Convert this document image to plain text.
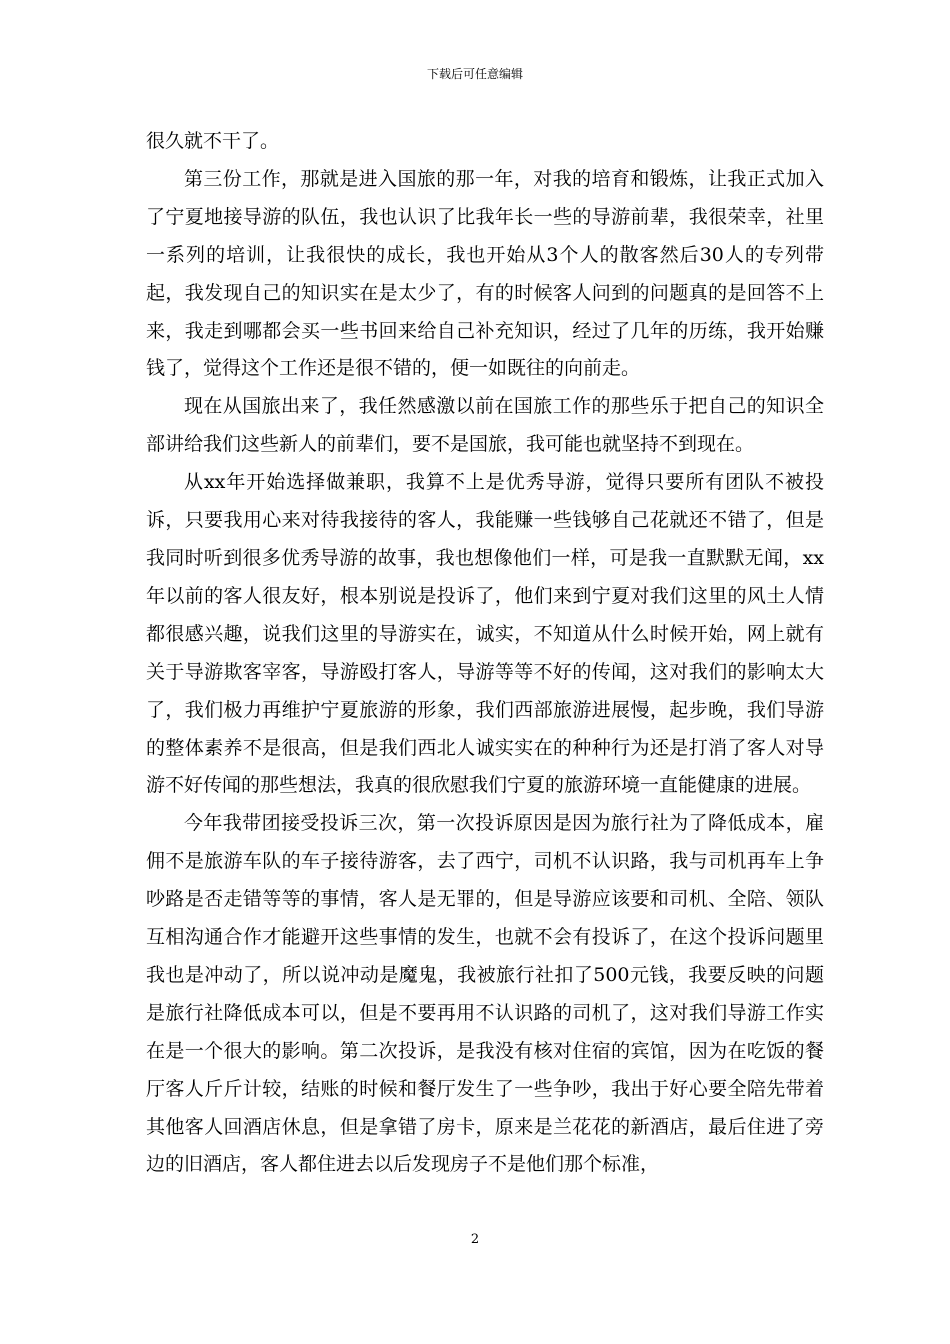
下载后可任意编辑

很久就不干了。

第三份工作，那就是进入国旅的那一年，对我的培育和锻炼，让我正式加入了宁夏地接导游的队伍，我也认识了比我年长一些的导游前辈，我很荣幸，社里一系列的培训，让我很快的成长，我也开始从3个人的散客然后30人的专列带起，我发现自己的知识实在是太少了，有的时候客人问到的问题真的是回答不上来，我走到哪都会买一些书回来给自己补充知识，经过了几年的历练，我开始赚钱了，觉得这个工作还是很不错的，便一如既往的向前走。

现在从国旅出来了，我任然感激以前在国旅工作的那些乐于把自己的知识全部讲给我们这些新人的前辈们，要不是国旅，我可能也就坚持不到现在。

从xx年开始选择做兼职，我算不上是优秀导游，觉得只要所有团队不被投诉，只要我用心来对待我接待的客人，我能赚一些钱够自己花就还不错了，但是我同时听到很多优秀导游的故事，我也想像他们一样，可是我一直默默无闻，xx年以前的客人很友好，根本别说是投诉了，他们来到宁夏对我们这里的风土人情都很感兴趣，说我们这里的导游实在，诚实，不知道从什么时候开始，网上就有关于导游欺客宰客，导游殴打客人，导游等等不好的传闻，这对我们的影响太大了，我们极力再维护宁夏旅游的形象，我们西部旅游进展慢，起步晚，我们导游的整体素养不是很高，但是我们西北人诚实实在的种种行为还是打消了客人对导游不好传闻的那些想法，我真的很欣慰我们宁夏的旅游环境一直能健康的进展。

今年我带团接受投诉三次，第一次投诉原因是因为旅行社为了降低成本，雇佣不是旅游车队的车子接待游客，去了西宁，司机不认识路，我与司机再车上争吵路是否走错等等的事情，客人是无罪的，但是导游应该要和司机、全陪、领队互相沟通合作才能避开这些事情的发生，也就不会有投诉了，在这个投诉问题里我也是冲动了，所以说冲动是魔鬼，我被旅行社扣了500元钱，我要反映的问题是旅行社降低成本可以，但是不要再用不认识路的司机了，这对我们导游工作实在是一个很大的影响。第二次投诉，是我没有核对住宿的宾馆，因为在吃饭的餐厅客人斤斤计较，结账的时候和餐厅发生了一些争吵，我出于好心要全陪先带着其他客人回酒店休息，但是拿错了房卡，原来是兰花花的新酒店，最后住进了旁边的旧酒店，客人都住进去以后发现房子不是他们那个标准，

2
